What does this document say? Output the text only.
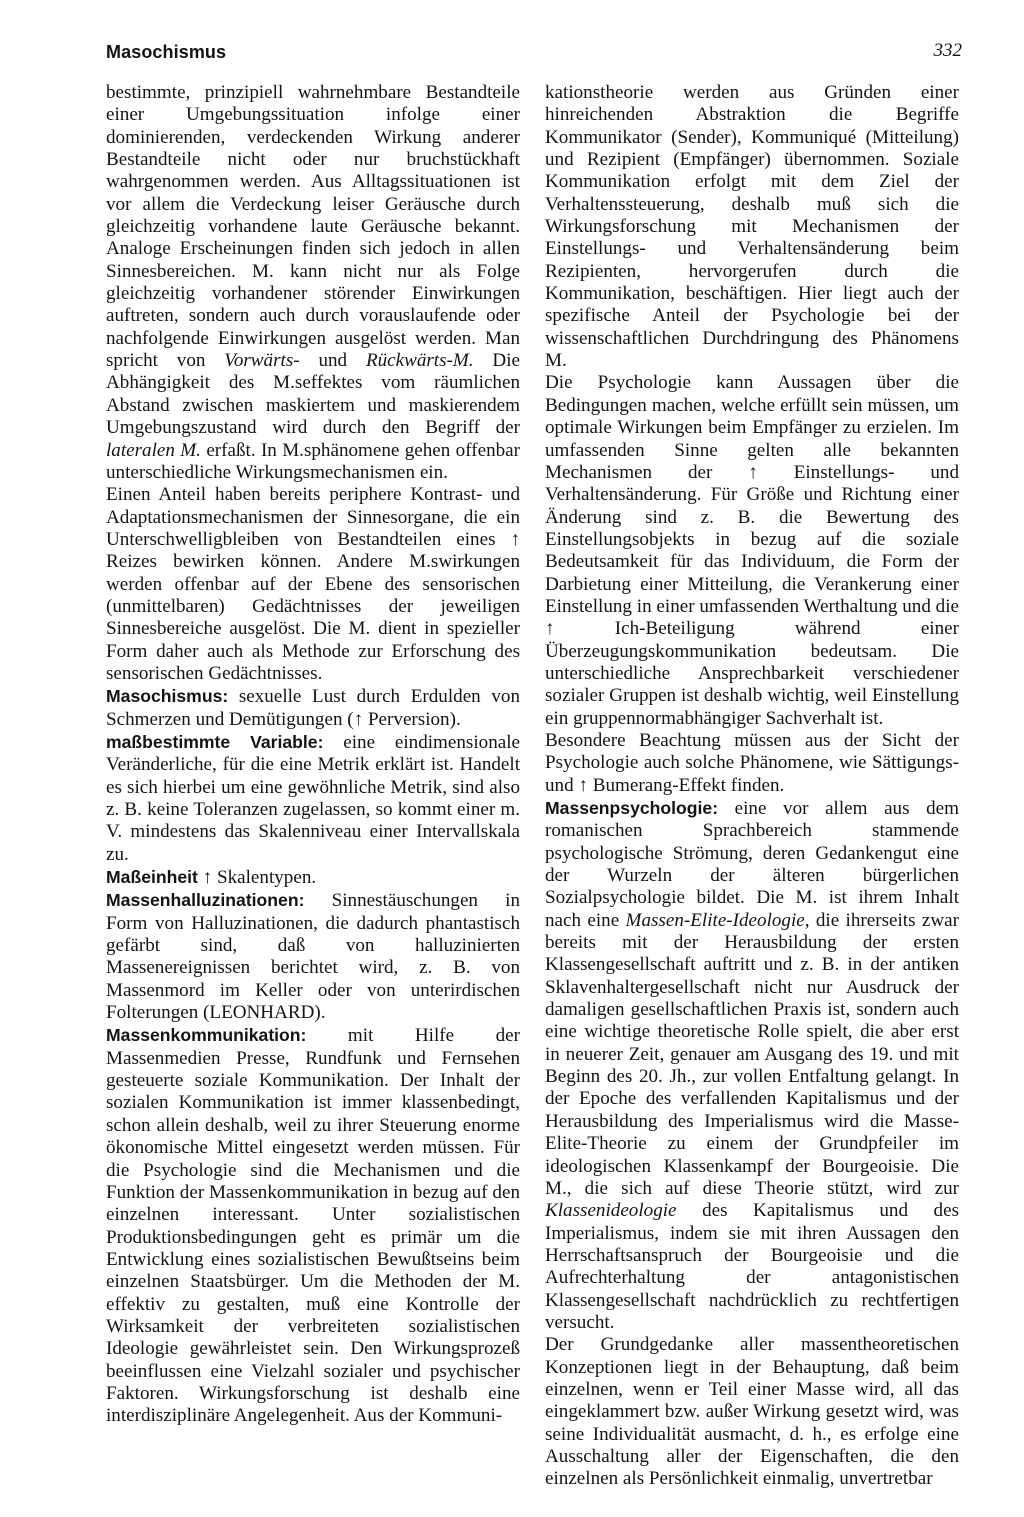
Masochismus	332

bestimmte, prinzipiell wahrnehmbare Bestandteile einer Umgebungssituation infolge einer dominierenden, verdeckenden Wirkung anderer Bestandteile nicht oder nur bruchstückhaft wahrgenommen werden. Aus Alltagssituationen ist vor allem die Verdeckung leiser Geräusche durch gleichzeitig vorhandene laute Geräusche bekannt. Analoge Erscheinungen finden sich jedoch in allen Sinnesbereichen. M. kann nicht nur als Folge gleichzeitig vorhandener störender Einwirkungen auftreten, sondern auch durch vorauslaufende oder nachfolgende Einwirkungen ausgelöst werden. Man spricht von Vorwärts- und Rückwärts-M. Die Abhängigkeit des M.seffektes vom räumlichen Abstand zwischen maskiertem und maskierendem Umgebungszustand wird durch den Begriff der lateralen M. erfaßt. In M.sphänomene gehen offenbar unterschiedliche Wirkungsmechanismen ein.

Einen Anteil haben bereits periphere Kontrast- und Adaptationsmechanismen der Sinnesorgane, die ein Unterschwelligbleiben von Bestandteilen eines ↑ Reizes bewirken können. Andere M.swirkungen werden offenbar auf der Ebene des sensorischen (unmittelbaren) Gedächtnisses der jeweiligen Sinnesbereiche ausgelöst. Die M. dient in spezieller Form daher auch als Methode zur Erforschung des sensorischen Gedächtnisses.

Masochismus: sexuelle Lust durch Erdulden von Schmerzen und Demütigungen (↑ Perversion).

maßbestimmte Variable: eine eindimensionale Veränderliche, für die eine Metrik erklärt ist. Handelt es sich hierbei um eine gewöhnliche Metrik, sind also z. B. keine Toleranzen zugelassen, so kommt einer m. V. mindestens das Skalenniveau einer Intervallskala zu.

Maßeinheit ↑ Skalentypen.

Massenhalluzinationen: Sinnestäuschungen in Form von Halluzinationen, die dadurch phantastisch gefärbt sind, daß von halluzinierten Massenereignissen berichtet wird, z. B. von Massenmord im Keller oder von unterirdischen Folterungen (LEONHARD).

Massenkommunikation: mit Hilfe der Massenmedien Presse, Rundfunk und Fernsehen gesteuerte soziale Kommunikation. Der Inhalt der sozialen Kommunikation ist immer klassenbedingt, schon allein deshalb, weil zu ihrer Steuerung enorme ökonomische Mittel eingesetzt werden müssen. Für die Psychologie sind die Mechanismen und die Funktion der Massenkommunikation in bezug auf den einzelnen interessant. Unter sozialistischen Produktionsbedingungen geht es primär um die Entwicklung eines sozialistischen Bewußtseins beim einzelnen Staatsbürger. Um die Methoden der M. effektiv zu gestalten, muß eine Kontrolle der Wirksamkeit der verbreiteten sozialistischen Ideologie gewährleistet sein. Den Wirkungsprozeß beeinflussen eine Vielzahl sozialer und psychischer Faktoren. Wirkungsforschung ist deshalb eine interdisziplinäre Angelegenheit. Aus der Kommuni-

kationstheorie werden aus Gründen einer hinreichenden Abstraktion die Begriffe Kommunikator (Sender), Kommuniqué (Mitteilung) und Rezipient (Empfänger) übernommen. Soziale Kommunikation erfolgt mit dem Ziel der Verhaltenssteuerung, deshalb muß sich die Wirkungsforschung mit Mechanismen der Einstellungs- und Verhaltensänderung beim Rezipienten, hervorgerufen durch die Kommunikation, beschäftigen. Hier liegt auch der spezifische Anteil der Psychologie bei der wissenschaftlichen Durchdringung des Phänomens M.

Die Psychologie kann Aussagen über die Bedingungen machen, welche erfüllt sein müssen, um optimale Wirkungen beim Empfänger zu erzielen. Im umfassenden Sinne gelten alle bekannten Mechanismen der ↑ Einstellungs- und Verhaltensänderung. Für Größe und Richtung einer Änderung sind z. B. die Bewertung des Einstellungsobjekts in bezug auf die soziale Bedeutsamkeit für das Individuum, die Form der Darbietung einer Mitteilung, die Verankerung einer Einstellung in einer umfassenden Werthaltung und die ↑ Ich-Beteiligung während einer Überzeugungskommunikation bedeutsam. Die unterschiedliche Ansprechbarkeit verschiedener sozialer Gruppen ist deshalb wichtig, weil Einstellung ein gruppennormabhängiger Sachverhalt ist.

Besondere Beachtung müssen aus der Sicht der Psychologie auch solche Phänomene, wie Sättigungs- und ↑ Bumerang-Effekt finden.

Massenpsychologie: eine vor allem aus dem romanischen Sprachbereich stammende psychologische Strömung, deren Gedankengut eine der Wurzeln der älteren bürgerlichen Sozialpsychologie bildet. Die M. ist ihrem Inhalt nach eine Massen-Elite-Ideologie, die ihrerseits zwar bereits mit der Herausbildung der ersten Klassengesellschaft auftritt und z. B. in der antiken Sklavenhaltergesellschaft nicht nur Ausdruck der damaligen gesellschaftlichen Praxis ist, sondern auch eine wichtige theoretische Rolle spielt, die aber erst in neuerer Zeit, genauer am Ausgang des 19. und mit Beginn des 20. Jh., zur vollen Entfaltung gelangt. In der Epoche des verfallenden Kapitalismus und der Herausbildung des Imperialismus wird die Masse-Elite-Theorie zu einem der Grundpfeiler im ideologischen Klassenkampf der Bourgeoisie. Die M., die sich auf diese Theorie stützt, wird zur Klassenideologie des Kapitalismus und des Imperialismus, indem sie mit ihren Aussagen den Herrschaftsanspruch der Bourgeoisie und die Aufrechterhaltung der antagonistischen Klassengesellschaft nachdrücklich zu rechtfertigen versucht.

Der Grundgedanke aller massentheoretischen Konzeptionen liegt in der Behauptung, daß beim einzelnen, wenn er Teil einer Masse wird, all das eingeklammert bzw. außer Wirkung gesetzt wird, was seine Individualität ausmacht, d. h., es erfolge eine Ausschaltung aller der Eigenschaften, die den einzelnen als Persönlichkeit einmalig, unvertretbar
